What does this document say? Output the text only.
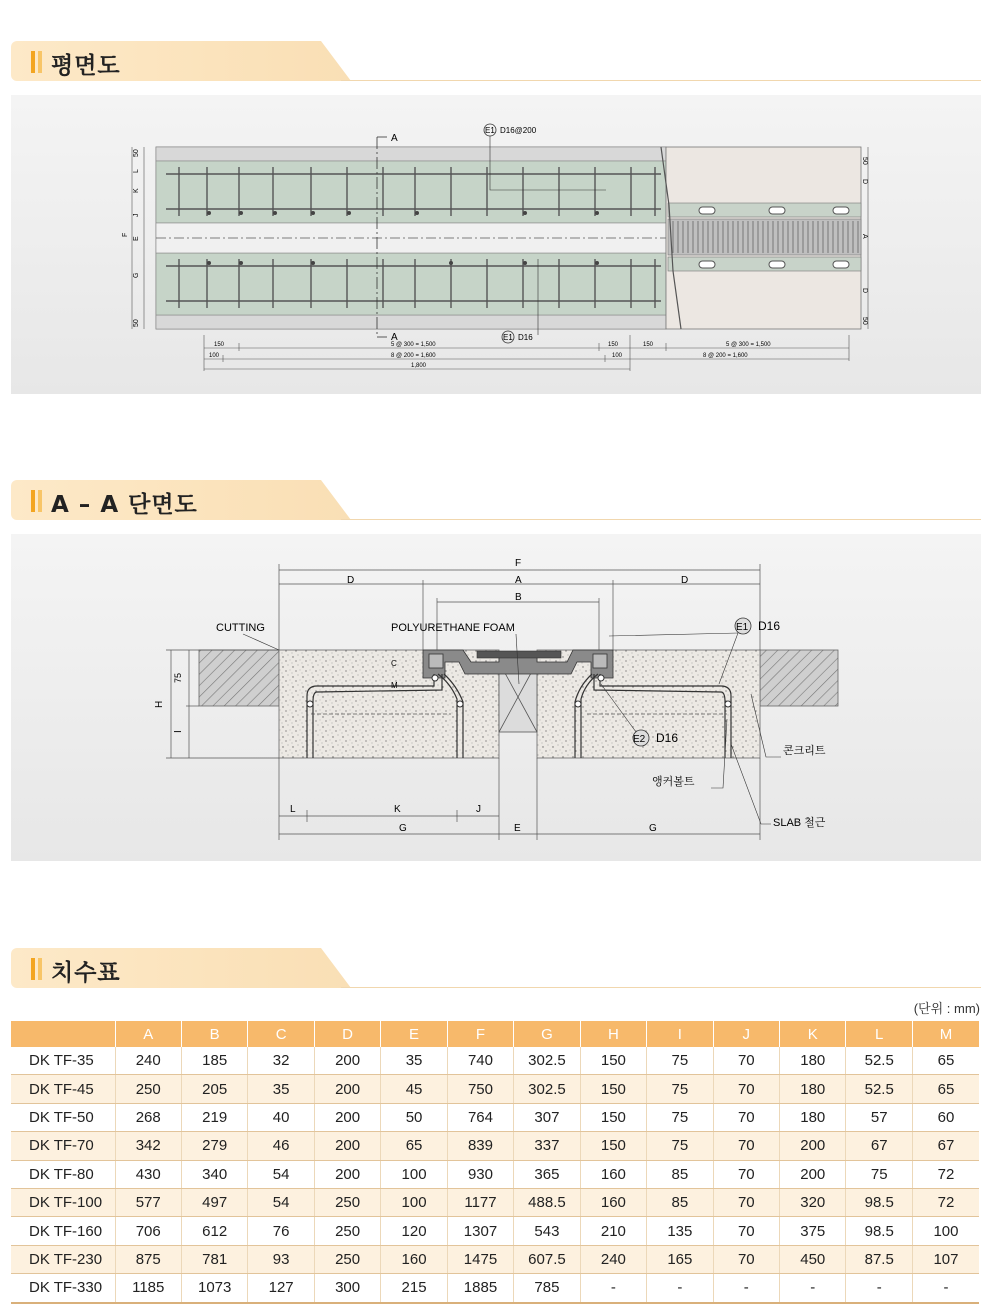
평면도
A
A
E1 D16@200
E1 D16
50
L
K
J
E
F
G
50
50
D
A
D
50
150	5 @ 300 = 1,500	150	150	5 @ 300 = 1,500
100	8 @ 200 = 1,600	100	8 @ 200 = 1,600
1,800
A – A 단면도
F
D	A	D
B
C
M
H
75
I
L	K	J
G	E	G
CUTTING	POLYURETHANE FOAM	E1 D16
E2 D16
콘크리트
앵커볼트
SLAB 철근
치수표
(단위 : mm)
	A	B	C	D	E	F	G	H	I	J	K	L	M
DK TF-35	240	185	32	200	35	740	302.5	150	75	70	180	52.5	65
DK TF-45	250	205	35	200	45	750	302.5	150	75	70	180	52.5	65
DK TF-50	268	219	40	200	50	764	307	150	75	70	180	57	60
DK TF-70	342	279	46	200	65	839	337	150	75	70	200	67	67
DK TF-80	430	340	54	200	100	930	365	160	85	70	200	75	72
DK TF-100	577	497	54	250	100	1177	488.5	160	85	70	320	98.5	72
DK TF-160	706	612	76	250	120	1307	543	210	135	70	375	98.5	100
DK TF-230	875	781	93	250	160	1475	607.5	240	165	70	450	87.5	107
DK TF-330	1185	1073	127	300	215	1885	785	-	-	-	-	-	-
